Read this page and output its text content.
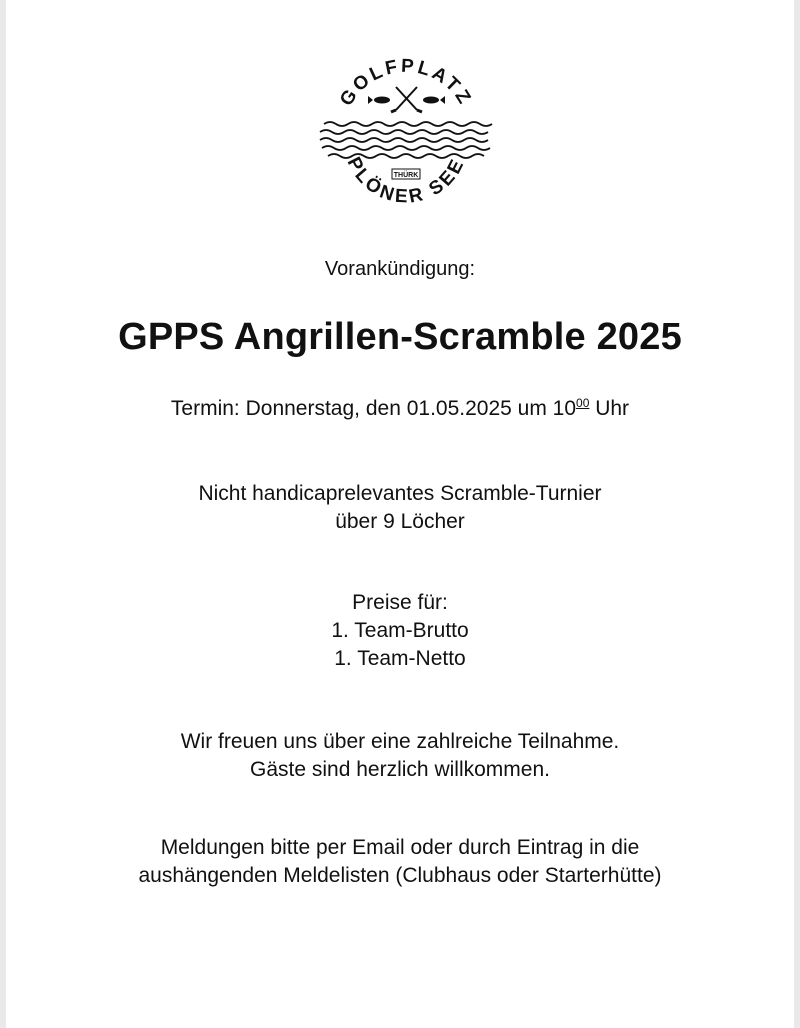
GOLFPLATZ
PLÖNER SEE
THÜRK
Vorankündigung:
GPPS Angrillen-Scramble 2025
Termin: Donnerstag, den 01.05.2025 um $10^{00}$ Uhr
Nicht handicaprelevantes Scramble-Turnier
über 9 Löcher
Preise für:
1. Team-Brutto
1. Team-Netto
Wir freuen uns über eine zahlreiche Teilnahme.
Gäste sind herzlich willkommen.
Meldungen bitte per Email oder durch Eintrag in die
aushängenden Meldelisten (Clubhaus oder Starterhütte)
